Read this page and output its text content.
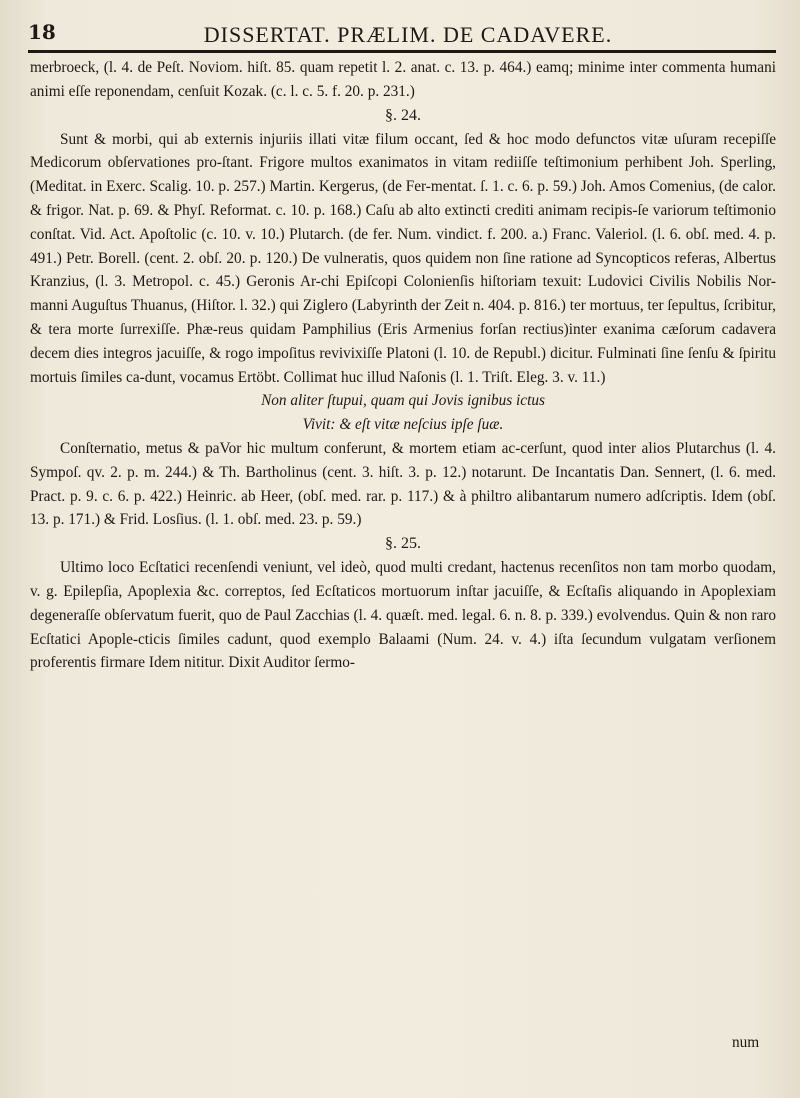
18	DISSERTAT. PRÆLIM. DE CADAVERE.

merbroeck, (l. 4. de Peſt. Noviom. hiſt. 85. quam repetit l. 2. anat. c. 13. p. 464.) eamq; minime inter commenta humani animi eſſe reponendam, cenſuit Kozak. (c. l. c. 5. f. 20. p. 231.)

§. 24.

Sunt & morbi, qui ab externis injuriis illati vitæ filum occant, ſed & hoc modo defunctos vitæ uſuram recepiſſe Medicorum obſervationes pro-ſtant. Frigore multos exanimatos in vitam rediiſſe teſtimonium perhibent Joh. Sperling, (Meditat. in Exerc. Scalig. 10. p. 257.) Martin. Kergerus, (de Fer-mentat. ſ. 1. c. 6. p. 59.) Joh. Amos Comenius, (de calor. & frigor. Nat. p. 69. & Phyſ. Reformat. c. 10. p. 168.) Caſu ab alto extincti crediti animam recipis-ſe variorum teſtimonio conſtat. Vid. Act. Apoſtolic (c. 10. v. 10.) Plutarch. (de fer. Num. vindict. f. 200. a.) Franc. Valeriol. (l. 6. obſ. med. 4. p. 491.) Petr. Borell. (cent. 2. obſ. 20. p. 120.) De vulneratis, quos quidem non ſine ratione ad Syncopticos referas, Albertus Kranzius, (l. 3. Metropol. c. 45.) Geronis Ar-chi Epiſcopi Colonienſis hiſtoriam texuit: Ludovici Civilis Nobilis Nor-manni Auguſtus Thuanus, (Hiſtor. l. 32.) qui Ziglero (Labyrinth der Zeit n. 404. p. 816.) ter mortuus, ter ſepultus, ſcribitur, & tera morte ſurrexiſſe. Phæ-reus quidam Pamphilius (Eris Armenius forſan rectius)inter exanima cæſorum cadavera decem dies integros jacuiſſe, & rogo impoſitus revivixiſſe Platoni (l. 10. de Republ.) dicitur. Fulminati ſine ſenſu & ſpiritu mortuis ſimiles ca-dunt, vocamus Ertöbt. Collimat huc illud Naſonis (l. 1. Triſt. Eleg. 3. v. 11.)

Non aliter ſtupui, quam qui Jovis ignibus ictus

Vivit: & eſt vitæ neſcius ipſe ſuæ.

Conſternatio, metus & paVor hic multum conferunt, & mortem etiam ac-cerſunt, quod inter alios Plutarchus (l. 4. Sympoſ. qv. 2. p. m. 244.) & Th. Bartholinus (cent. 3. hiſt. 3. p. 12.) notarunt. De Incantatis Dan. Sennert, (l. 6. med. Pract. p. 9. c. 6. p. 422.) Heinric. ab Heer, (obſ. med. rar. p. 117.) & à philtro alibantarum numero adſcriptis. Idem (obſ. 13. p. 171.) & Frid. Losſius. (l. 1. obſ. med. 23. p. 59.)

§. 25.

Ultimo loco Ecſtatici recenſendi veniunt, vel ideò, quod multi credant, hactenus recenſitos non tam morbo quodam, v. g. Epilepſia, Apoplexia &c. correptos, ſed Ecſtaticos mortuorum inſtar jacuiſſe, & Ecſtaſis aliquando in Apoplexiam degeneraſſe obſervatum fuerit, quo de Paul Zacchias (l. 4. quæſt. med. legal. 6. n. 8. p. 339.) evolvendus. Quin & non raro Ecſtatici Apople-cticis ſimiles cadunt, quod exemplo Balaami (Num. 24. v. 4.) iſta ſecundum vulgatam verſionem proferentis firmare Idem nititur. Dixit Auditor ſermo-

num
